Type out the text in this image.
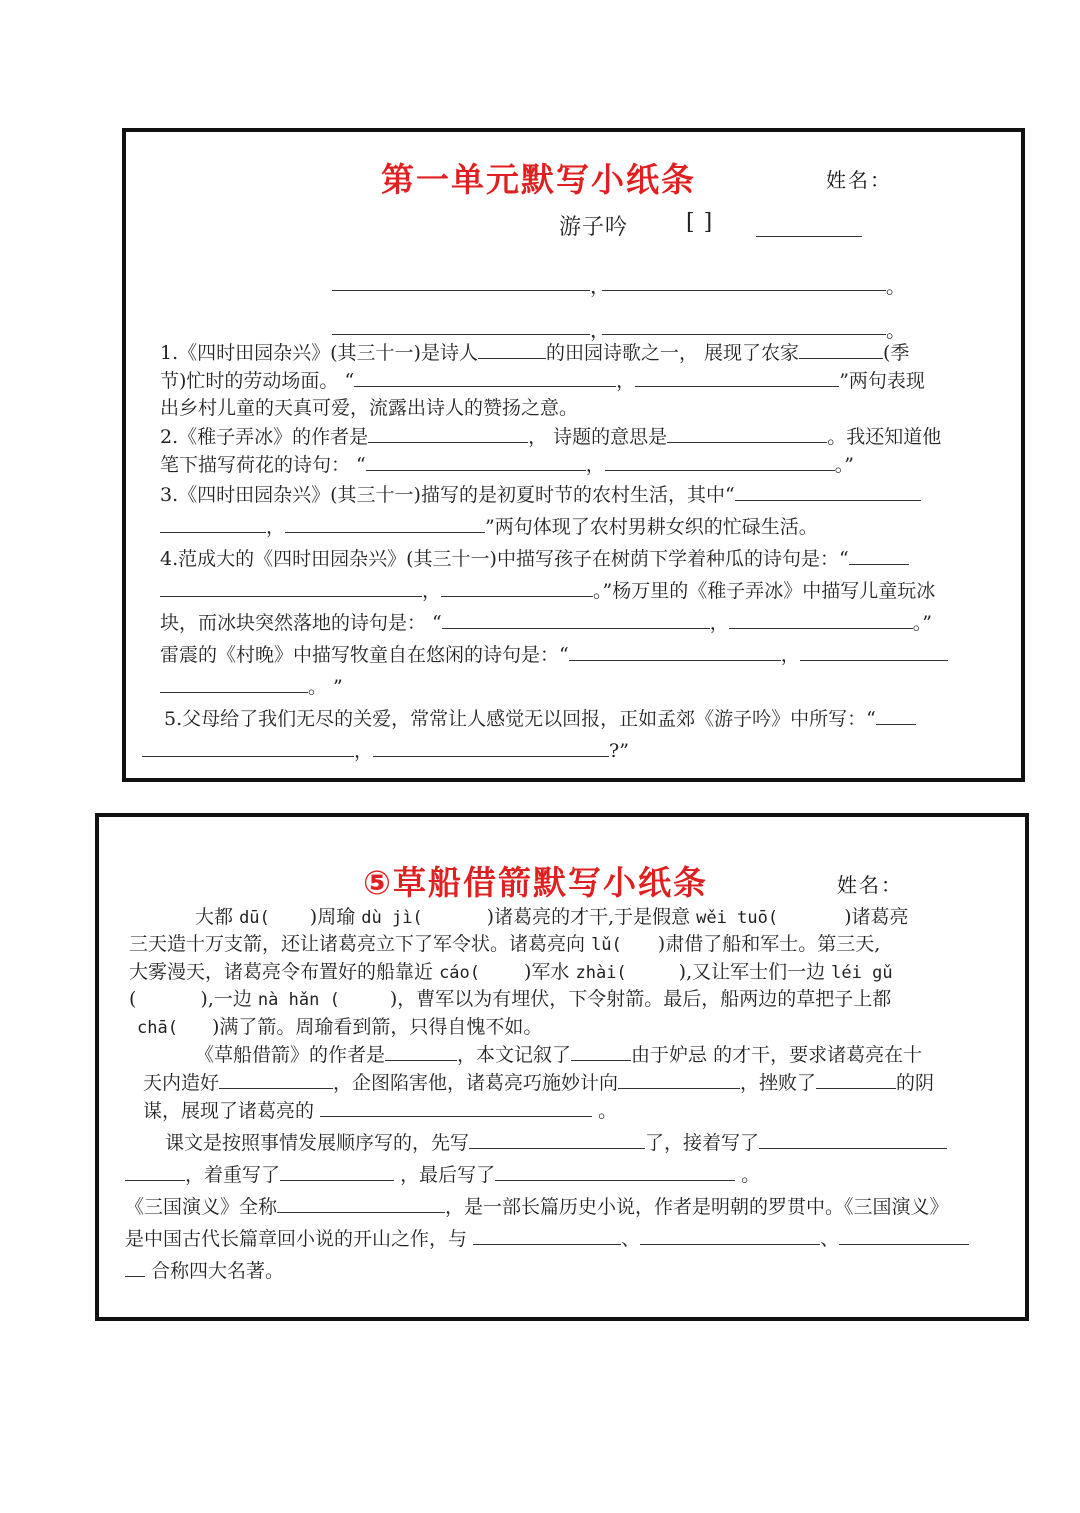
第一单元默写小纸条	姓名：
游子吟	[ ]
，	。
，	。
1.《四时田园杂兴》(其三十一)是诗人	的田园诗歌之一， 展现了农家	(季
节)忙时的劳动场面。 “	，	”两句表现
出乡村儿童的天真可爱，流露出诗人的赞扬之意。
2.《稚子弄冰》的作者是	， 诗题的意思是	。我还知道他
笔下描写荷花的诗句： “	，	。”
3.《四时田园杂兴》(其三十一)描写的是初夏时节的农村生活，其中“
，	”两句体现了农村男耕女织的忙碌生活。
4.范成大的《四时田园杂兴》(其三十一)中描写孩子在树荫下学着种瓜的诗句是：“
，	。”杨万里的《稚子弄冰》中描写儿童玩冰
块，而冰块突然落地的诗句是： “	，	。”
雷震的《村晚》中描写牧童自在悠闲的诗句是：“	，
。 ”
5.父母给了我们无尽的关爱，常常让人感觉无以回报，正如孟郊《游子吟》中所写：“
，	?”
⑤草船借箭默写小纸条	姓名：
大都 dū( )周瑜 dù jì(	)诸葛亮的才干,于是假意 wěi tuō(	)诸葛亮
三天造十万支箭，还让诸葛亮立下了军令状。诸葛亮向 lǔ( )肃借了船和军士。第三天,
大雾漫天，诸葛亮令布置好的船靠近 cáo( )军水 zhài(	),又让军士们一边 léi gǔ
(	),一边 nà hǎn (	)，曹军以为有埋伏，下令射箭。最后，船两边的草把子上都
chā( )满了箭。周瑜看到箭，只得自愧不如。
《草船借箭》的作者是	，本文记叙了	由于妒忌 的才干，要求诸葛亮在十
天内造好	，企图陷害他，诸葛亮巧施妙计向	，挫败了	的阴
谋，展现了诸葛亮的	。
课文是按照事情发展顺序写的，先写	了，接着写了
，着重写了	，最后写了	。
《三国演义》全称	，是一部长篇历史小说，作者是明朝的罗贯中。《三国演义》
是中国古代长篇章回小说的开山之作，与	、	、
合称四大名著。
